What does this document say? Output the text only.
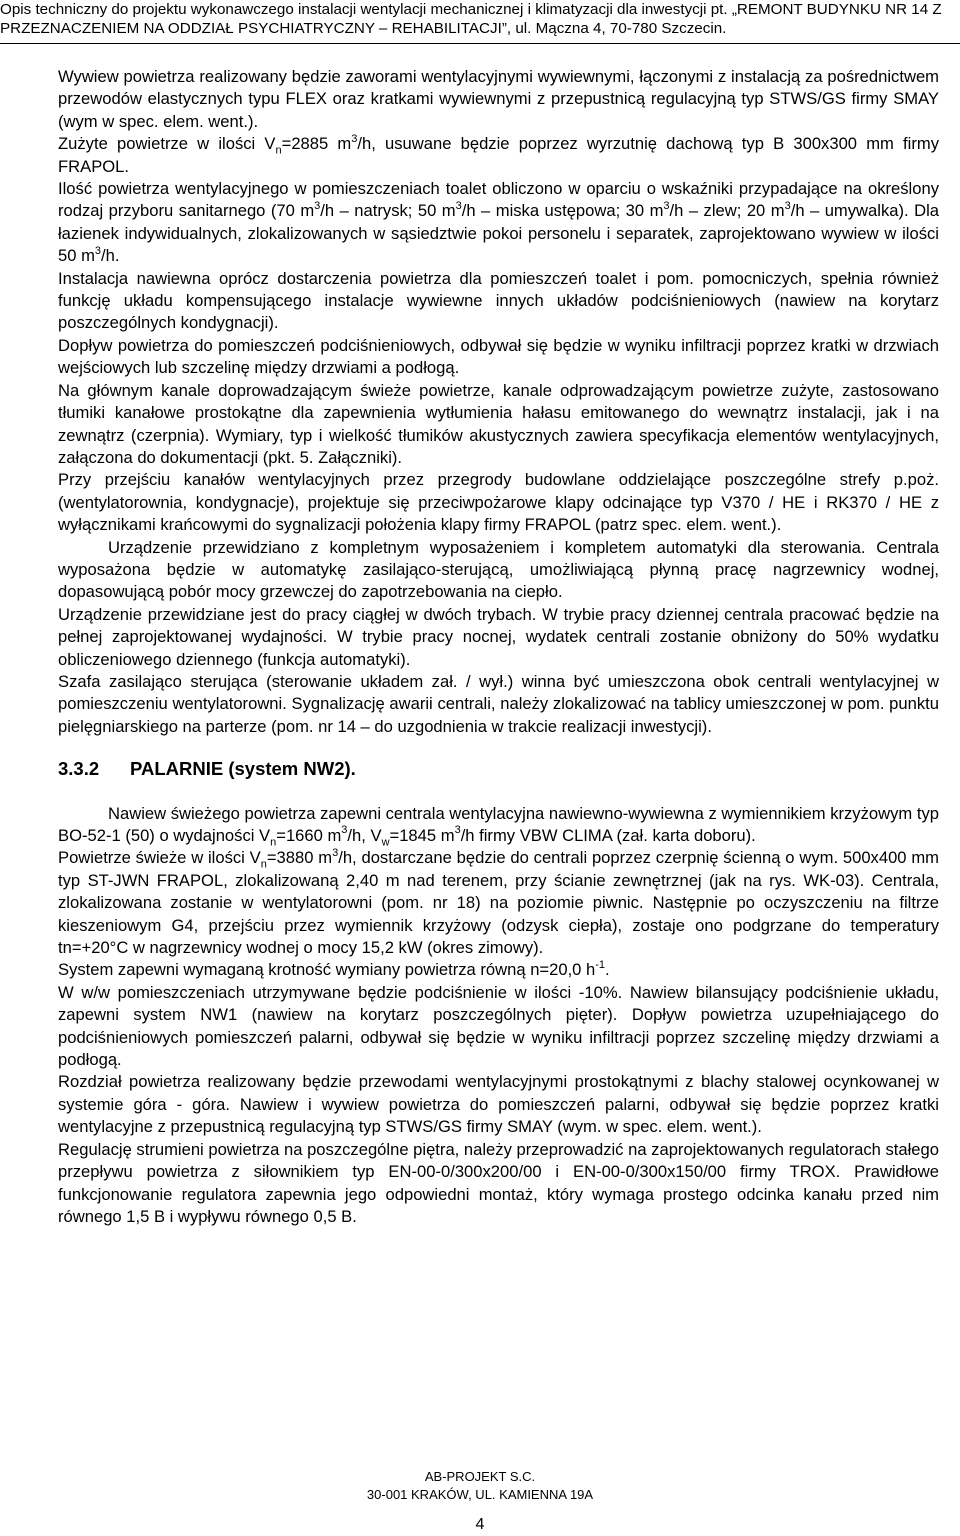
Opis techniczny do projektu wykonawczego instalacji wentylacji mechanicznej i klimatyzacji dla inwestycji pt. „REMONT BUDYNKU NR 14 Z
PRZEZNACZENIEM NA ODDZIAŁ PSYCHIATRYCZNY – REHABILITACJI”, ul. Mączna 4, 70-780 Szczecin.

Wywiew powietrza realizowany będzie zaworami wentylacyjnymi wywiewnymi, łączonymi z instalacją za pośrednictwem przewodów elastycznych typu FLEX oraz kratkami wywiewnymi z przepustnicą regulacyjną typ STWS/GS firmy SMAY (wym w spec. elem. went.).

Zużyte powietrze w ilości $V_n=2885$ $m^3/h$, usuwane będzie poprzez wyrzutnię dachową typ B 300x300 mm firmy FRAPOL.

Ilość powietrza wentylacyjnego w pomieszczeniach toalet obliczono w oparciu o wskaźniki przypadające na określony rodzaj przyboru sanitarnego (70 $m^3/h$ – natrysk; 50 $m^3/h$ – miska ustępowa; 30 $m^3/h$ – zlew; 20 $m^3/h$ – umywalka). Dla łazienek indywidualnych, zlokalizowanych w sąsiedztwie pokoi personelu i separatek, zaprojektowano wywiew w ilości 50 $m^3/h$.

Instalacja nawiewna oprócz dostarczenia powietrza dla pomieszczeń toalet i pom. pomocniczych, spełnia również funkcję układu kompensującego instalacje wywiewne innych układów podciśnieniowych (nawiew na korytarz poszczególnych kondygnacji).

Dopływ powietrza do pomieszczeń podciśnieniowych, odbywał się będzie w wyniku infiltracji poprzez kratki w drzwiach wejściowych lub szczelinę między drzwiami a podłogą.

Na głównym kanale doprowadzającym świeże powietrze, kanale odprowadzającym powietrze zużyte, zastosowano tłumiki kanałowe prostokątne dla zapewnienia wytłumienia hałasu emitowanego do wewnątrz instalacji, jak i na zewnątrz (czerpnia). Wymiary, typ i wielkość tłumików akustycznych zawiera specyfikacja elementów wentylacyjnych, załączona do dokumentacji (pkt. 5. Załączniki).

Przy przejściu kanałów wentylacyjnych przez przegrody budowlane oddzielające poszczególne strefy p.poż. (wentylatorownia, kondygnacje), projektuje się przeciwpożarowe klapy odcinające typ V370 / HE i RK370 / HE z wyłącznikami krańcowymi do sygnalizacji położenia klapy firmy FRAPOL (patrz spec. elem. went.).

Urządzenie przewidziano z kompletnym wyposażeniem i kompletem automatyki dla sterowania. Centrala wyposażona będzie w automatykę zasilająco-sterującą, umożliwiającą płynną pracę nagrzewnicy wodnej, dopasowującą pobór mocy grzewczej do zapotrzebowania na ciepło.

Urządzenie przewidziane jest do pracy ciągłej w dwóch trybach. W trybie pracy dziennej centrala pracować będzie na pełnej zaprojektowanej wydajności. W trybie pracy nocnej, wydatek centrali zostanie obniżony do 50% wydatku obliczeniowego dziennego (funkcja automatyki).

Szafa zasilająco sterująca (sterowanie układem zał. / wył.) winna być umieszczona obok centrali wentylacyjnej w pomieszczeniu wentylatorowni. Sygnalizację awarii centrali, należy zlokalizować na tablicy umieszczonej w pom. punktu pielęgniarskiego na parterze (pom. nr 14 – do uzgodnienia w trakcie realizacji inwestycji).

3.3.2 PALARNIE (system NW2).

Nawiew świeżego powietrza zapewni centrala wentylacyjna nawiewno-wywiewna z wymiennikiem krzyżowym typ BO-52-1 (50) o wydajności $V_n=1660$ $m^3/h$, $V_w=1845$ $m^3/h$ firmy VBW CLIMA (zał. karta doboru).

Powietrze świeże w ilości $V_n=3880$ $m^3/h$, dostarczane będzie do centrali poprzez czerpnię ścienną o wym. 500x400 mm typ ST-JWN FRAPOL, zlokalizowaną 2,40 m nad terenem, przy ścianie zewnętrznej (jak na rys. WK-03). Centrala, zlokalizowana zostanie w wentylatorowni (pom. nr 18) na poziomie piwnic. Następnie po oczyszczeniu na filtrze kieszeniowym G4, przejściu przez wymiennik krzyżowy (odzysk ciepła), zostaje ono podgrzane do temperatury tn=+20°C w nagrzewnicy wodnej o mocy 15,2 kW (okres zimowy).

System zapewni wymaganą krotność wymiany powietrza równą n=20,0 $h^{-1}$.

W w/w pomieszczeniach utrzymywane będzie podciśnienie w ilości -10%. Nawiew bilansujący podciśnienie układu, zapewni system NW1 (nawiew na korytarz poszczególnych pięter). Dopływ powietrza uzupełniającego do podciśnieniowych pomieszczeń palarni, odbywał się będzie w wyniku infiltracji poprzez szczelinę między drzwiami a podłogą.

Rozdział powietrza realizowany będzie przewodami wentylacyjnymi prostokątnymi z blachy stalowej ocynkowanej w systemie góra - góra. Nawiew i wywiew powietrza do pomieszczeń palarni, odbywał się będzie poprzez kratki wentylacyjne z przepustnicą regulacyjną typ STWS/GS firmy SMAY (wym. w spec. elem. went.).

Regulację strumieni powietrza na poszczególne piętra, należy przeprowadzić na zaprojektowanych regulatorach stałego przepływu powietrza z siłownikiem typ EN-00-0/300x200/00 i EN-00-0/300x150/00 firmy TROX. Prawidłowe funkcjonowanie regulatora zapewnia jego odpowiedni montaż, który wymaga prostego odcinka kanału przed nim równego 1,5 B i wypływu równego 0,5 B.

AB-PROJEKT S.C.
30-001 KRAKÓW, UL. KAMIENNA 19A
4
